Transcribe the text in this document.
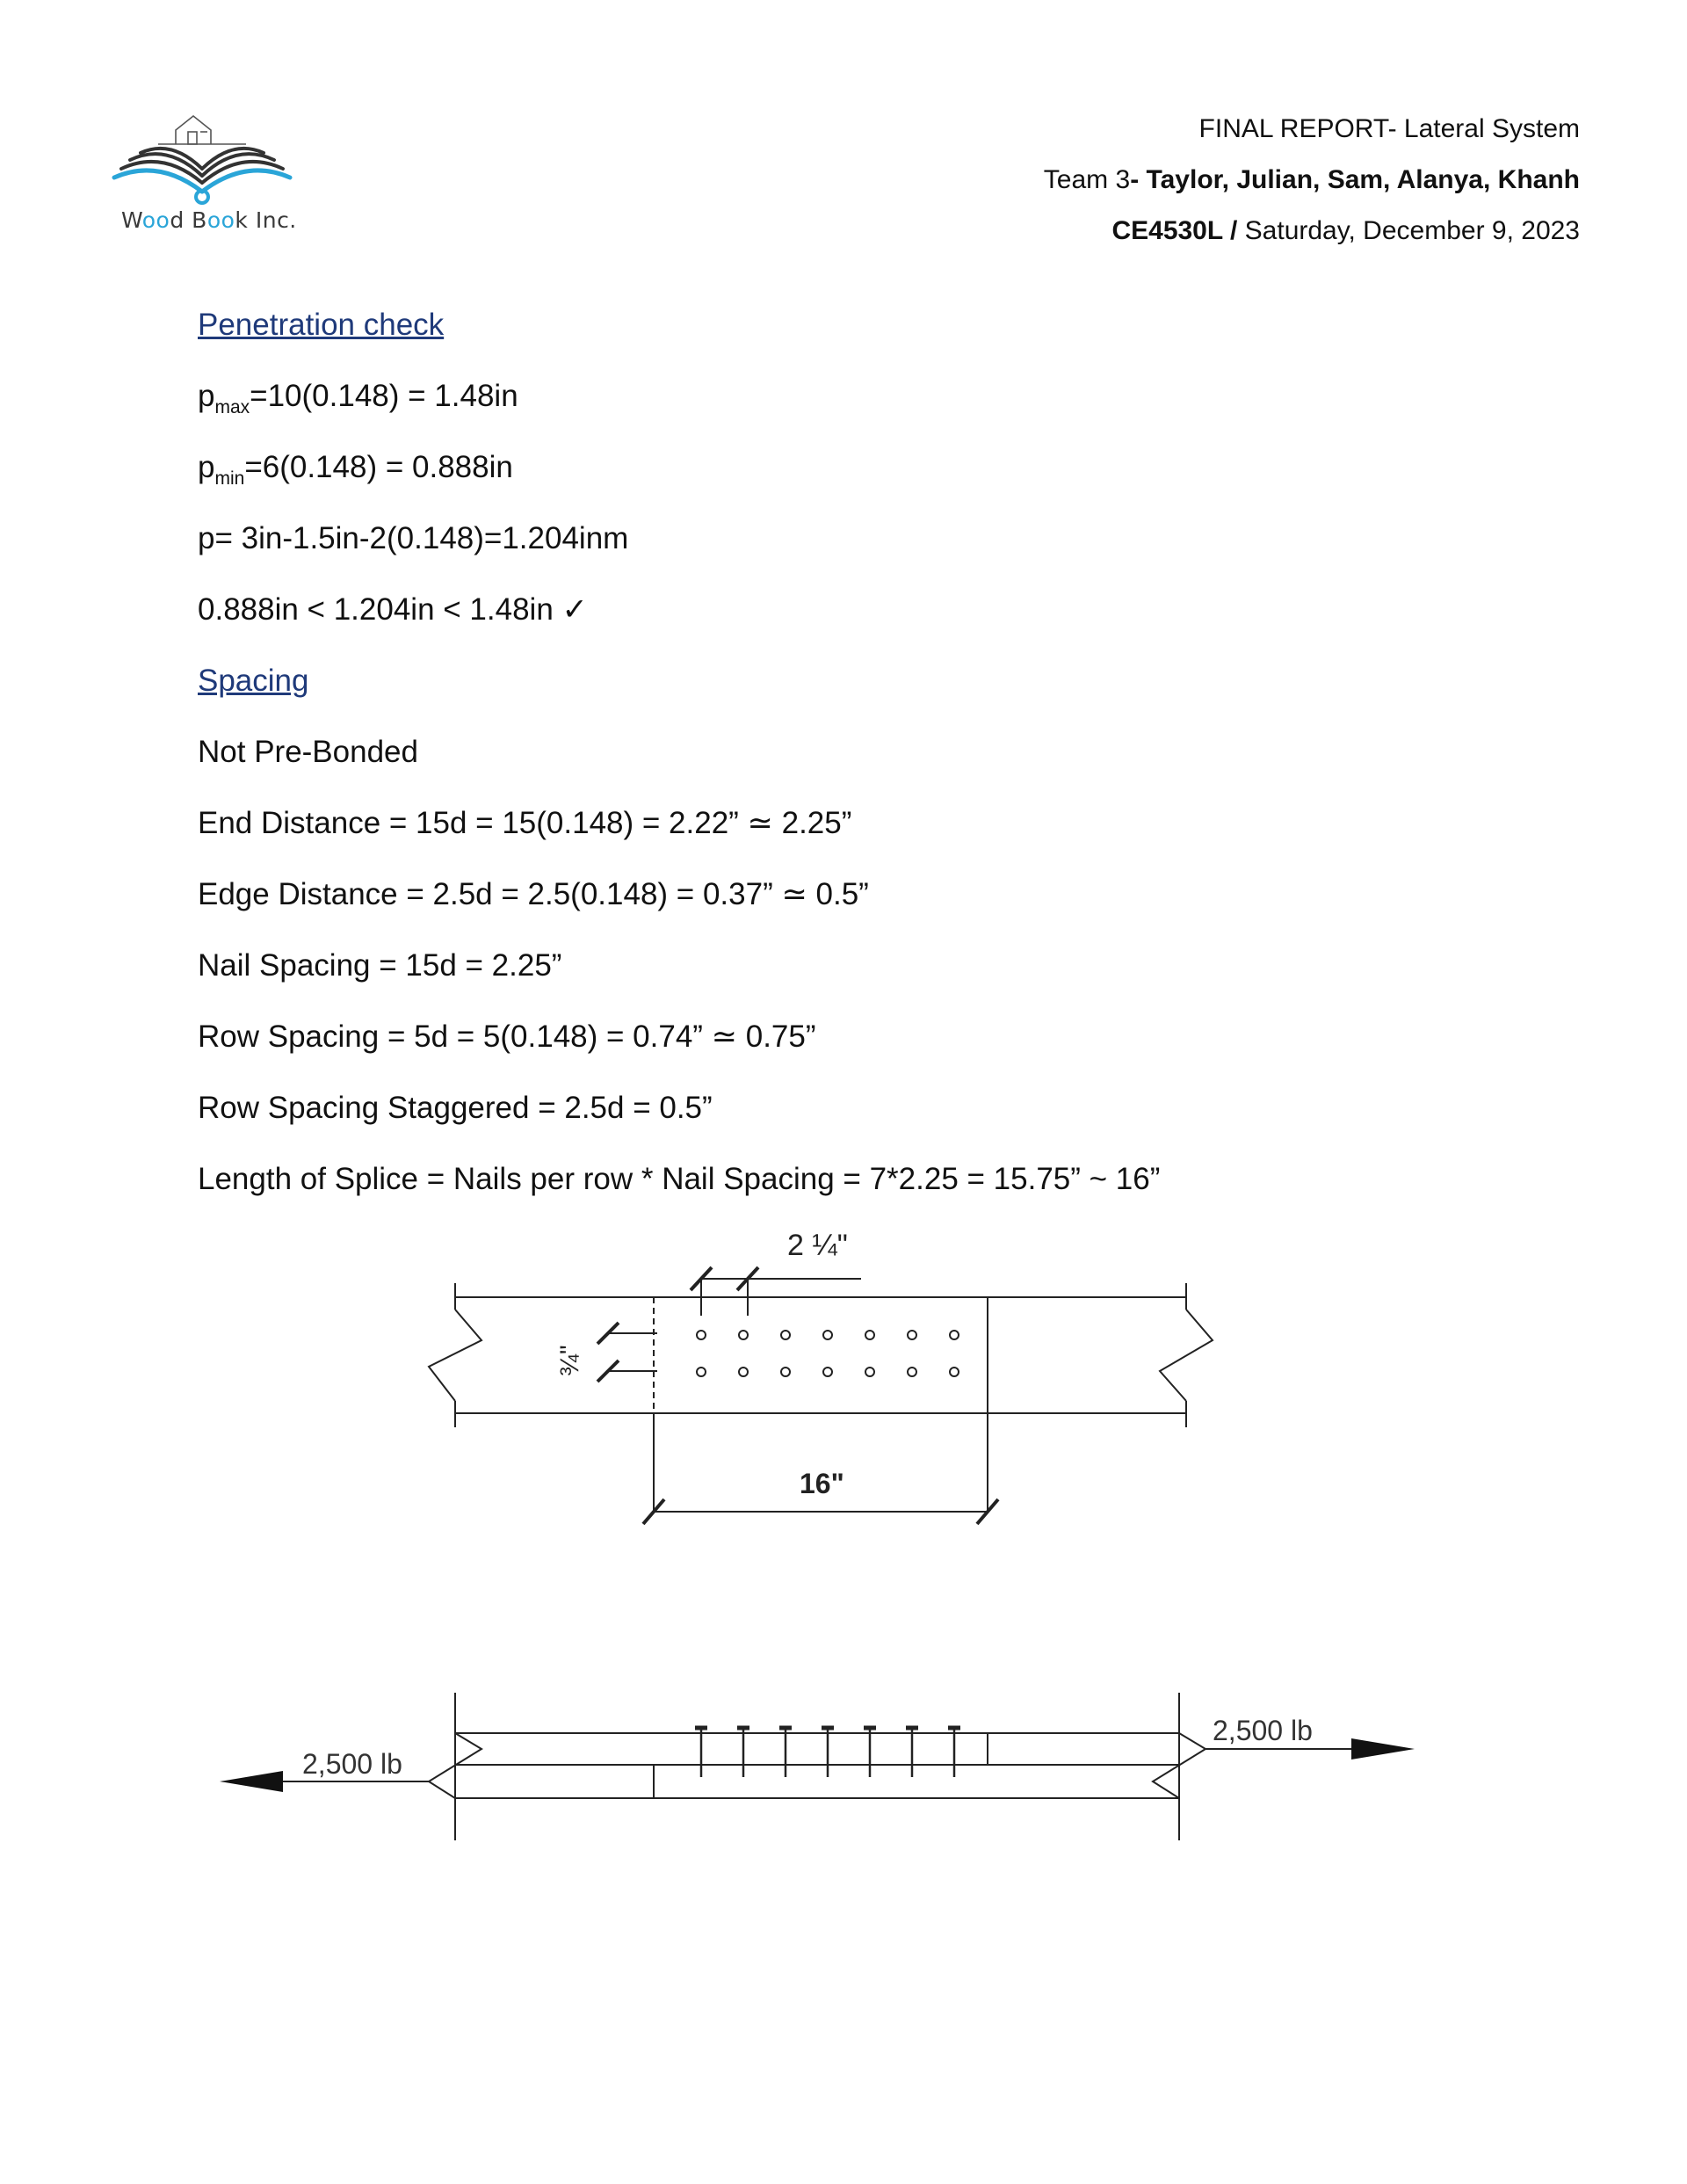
Wood Book Inc.
FINAL REPORT- Lateral System
Team 3- Taylor, Julian, Sam, Alanya, Khanh
CE4530L / Saturday, December 9, 2023
Penetration check
$p_{max}=10(0.148) = 1.48in$
$p_{min}=6(0.148) = 0.888in$
p= 3in-1.5in-2(0.148)=1.204inm
0.888in < 1.204in < 1.48in ✓
Spacing
Not Pre-Bonded
End Distance = 15d = 15(0.148) = 2.22” ≃ 2.25”
Edge Distance = 2.5d = 2.5(0.148) = 0.37” ≃ 0.5”
Nail Spacing = 15d = 2.25”
Row Spacing = 5d = 5(0.148) = 0.74” ≃ 0.75”
Row Spacing Staggered = 2.5d = 0.5”
Length of Splice = Nails per row * Nail Spacing = 7*2.25 = 15.75” ~ 16”
2 ¼"
¾"
16"
2,500 lb
2,500 lb
